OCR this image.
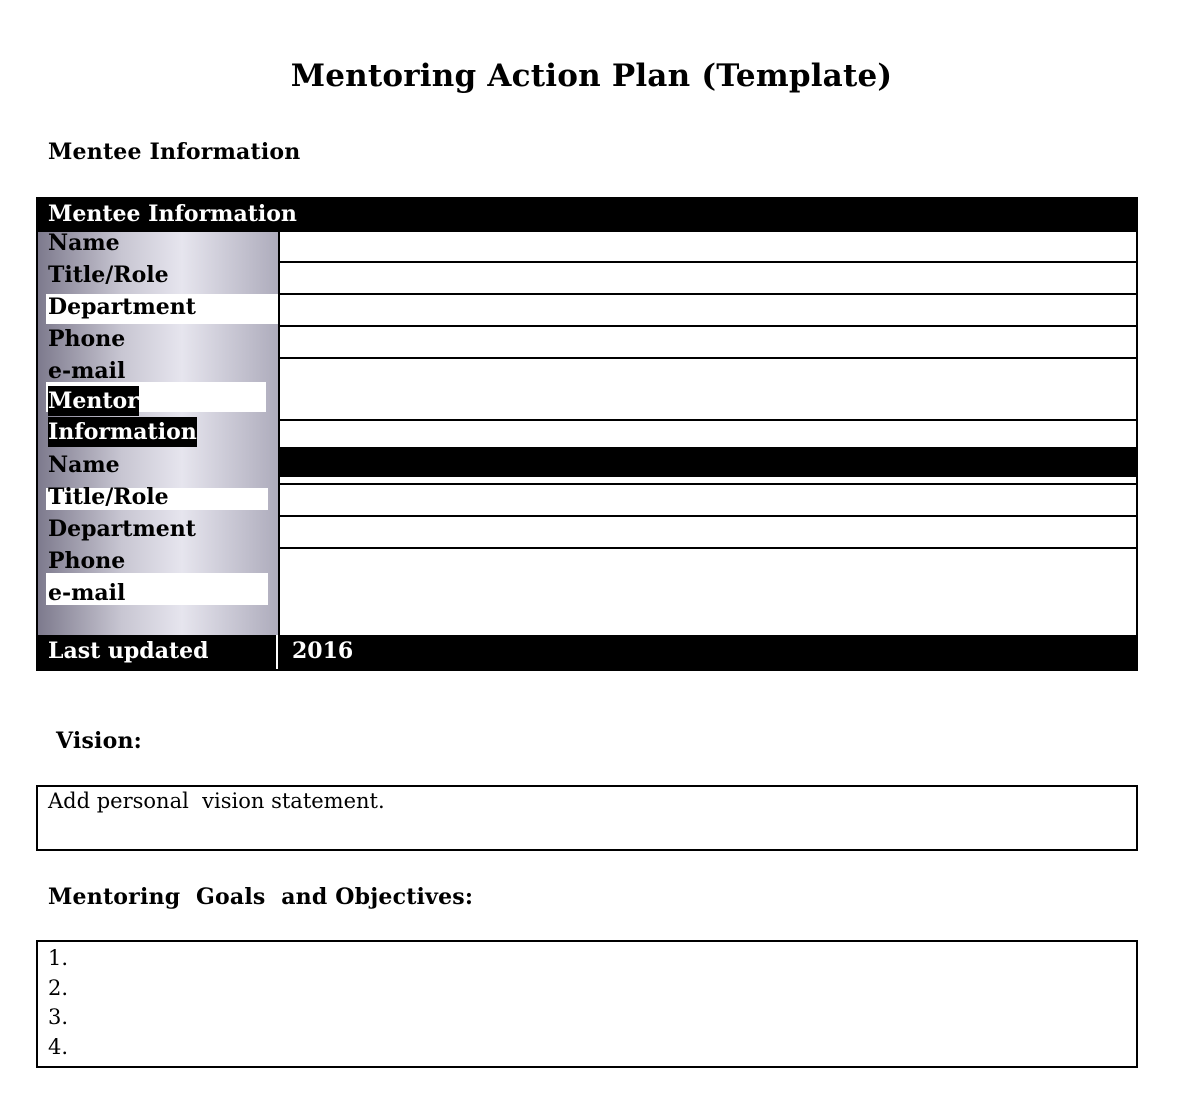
Mentoring Action Plan (Template)
Mentee Information
Mentee Information
Name
Title/Role
Department
Phone
e-mail
Mentor
Information
Name
Title/Role
Department
Phone
e-mail
Last updated	2016
Vision:
Add personal  vision statement.
Mentoring  Goals  and Objectives:
1.
2.
3.
4.
